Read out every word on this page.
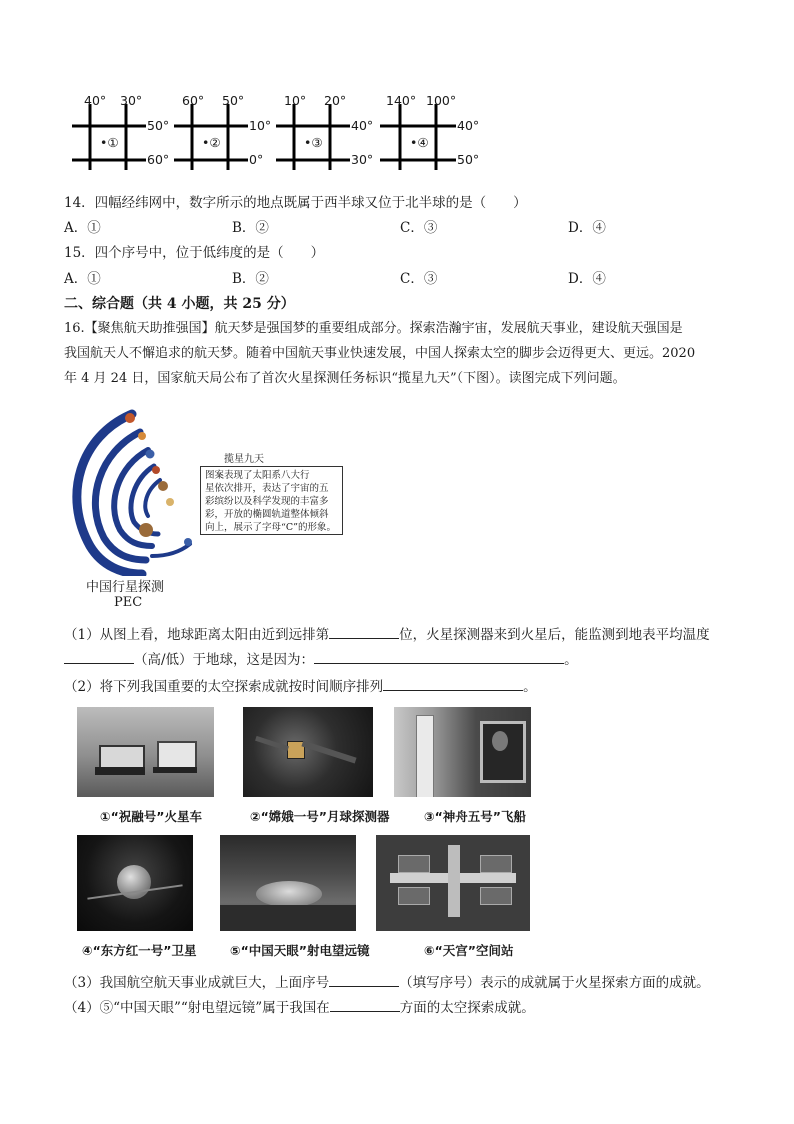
40° 30°
50°
60°
•①
60° 50°
10°
0°
•②
10° 20°
40°
30°
•③
140° 100°
40°
50°
•④
14．四幅经纬网中，数字所示的地点既属于西半球又位于北半球的是（　　）
A．①	B．②	C．③	D．④
15．四个序号中，位于低纬度的是（　　）
A．①	B．②	C．③	D．④
二、综合题（共 4 小题，共 25 分）
16.【聚焦航天助推强国】航天梦是强国梦的重要组成部分。探索浩瀚宇宙，发展航天事业，建设航天强国是
我国航天人不懈追求的航天梦。随着中国航天事业快速发展，中国人探索太空的脚步会迈得更大、更远。2020
年 4 月 24 日，国家航天局公布了首次火星探测任务标识“揽星九天”（下图）。读图完成下列问题。
揽星九天
图案表现了太阳系八大行
星依次排开，表达了宇宙的五
彩缤纷以及科学发现的丰富多
彩，开放的椭圆轨道整体倾斜
向上，展示了字母“C”的形象。
中国行星探测
PEC
（1）从图上看，地球距离太阳由近到远排第	位，火星探测器来到火星后，能监测到地表平均温度
（高/低）于地球，这是因为：	。
（2）将下列我国重要的太空探索成就按时间顺序排列	。
①“祝融号”火星车	②“嫦娥一号”月球探测器	③“神舟五号”飞船
④“东方红一号”卫星	⑤“中国天眼”射电望远镜	⑥“天宫”空间站
（3）我国航空航天事业成就巨大，上面序号	（填写序号）表示的成就属于火星探索方面的成就。
（4）⑤“中国天眼”“射电望远镜”属于我国在	方面的太空探索成就。
